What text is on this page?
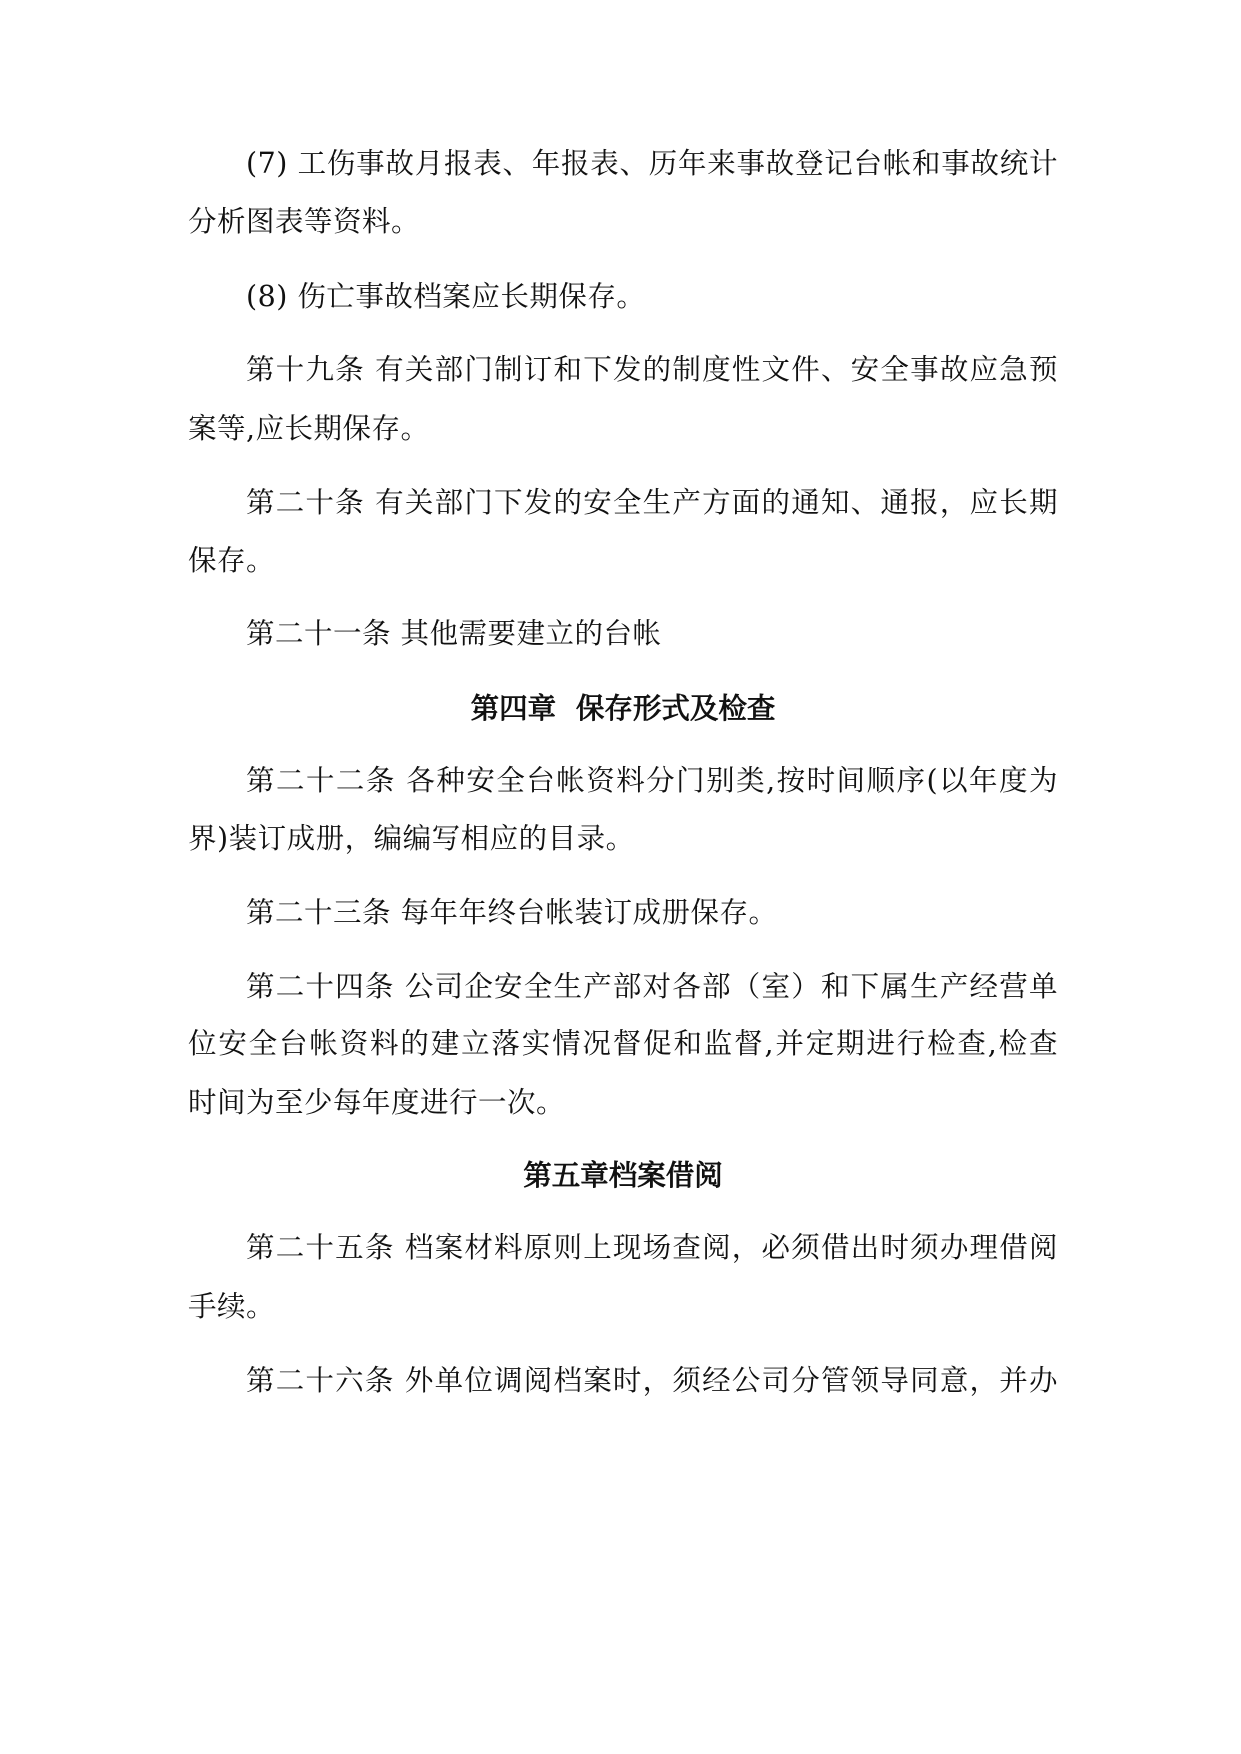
(7) 工伤事故月报表、年报表、历年来事故登记台帐和事故统计
分析图表等资料。
(8) 伤亡事故档案应长期保存。
第十九条 有关部门制订和下发的制度性文件、安全事故应急预
案等,应长期保存。
第二十条 有关部门下发的安全生产方面的通知、通报，应长期
保存。
第二十一条 其他需要建立的台帐
第四章  保存形式及检查
第二十二条 各种安全台帐资料分门别类,按时间顺序(以年度为
界)装订成册，编编写相应的目录。
第二十三条 每年年终台帐装订成册保存。
第二十四条 公司企安全生产部对各部（室）和下属生产经营单
位安全台帐资料的建立落实情况督促和监督,并定期进行检查,检查
时间为至少每年度进行一次。
第五章档案借阅
第二十五条 档案材料原则上现场查阅，必须借出时须办理借阅
手续。
第二十六条 外单位调阅档案时，须经公司分管领导同意，并办
